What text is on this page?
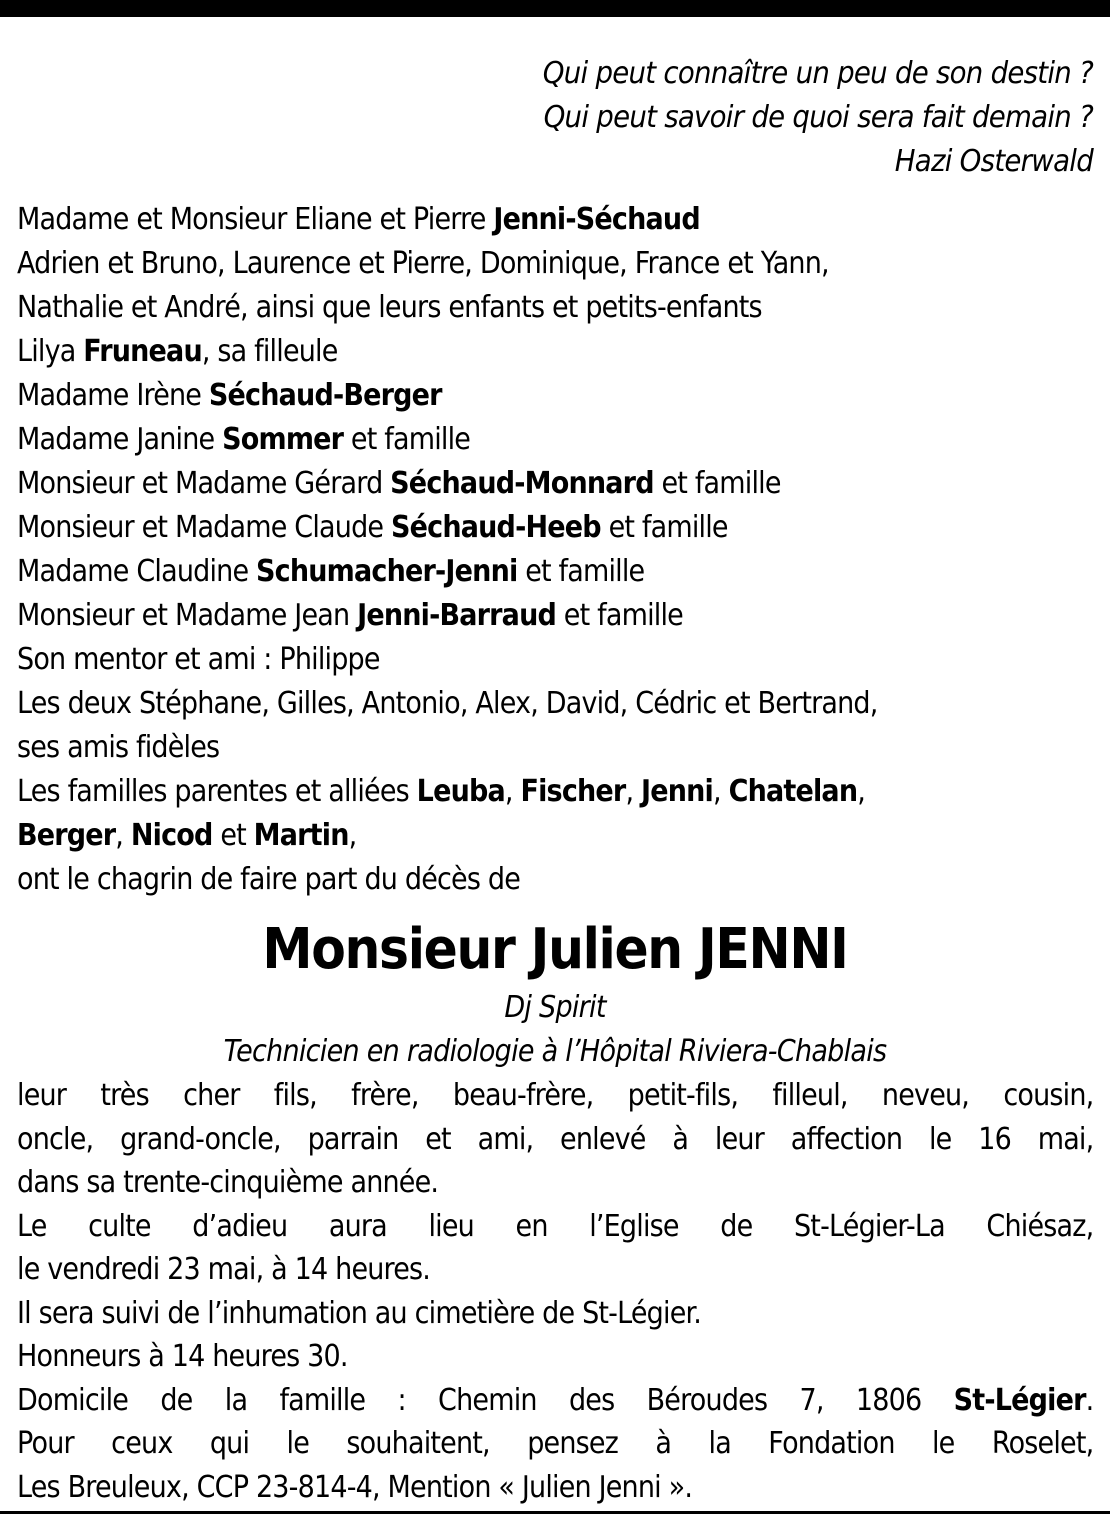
Qui peut connaître un peu de son destin ?
Qui peut savoir de quoi sera fait demain ?
Hazi Osterwald
Madame et Monsieur Eliane et Pierre Jenni-Séchaud
Adrien et Bruno, Laurence et Pierre, Dominique, France et Yann,
Nathalie et André, ainsi que leurs enfants et petits-enfants
Lilya Fruneau, sa filleule
Madame Irène Séchaud-Berger
Madame Janine Sommer et famille
Monsieur et Madame Gérard Séchaud-Monnard et famille
Monsieur et Madame Claude Séchaud-Heeb et famille
Madame Claudine Schumacher-Jenni et famille
Monsieur et Madame Jean Jenni-Barraud et famille
Son mentor et ami : Philippe
Les deux Stéphane, Gilles, Antonio, Alex, David, Cédric et Bertrand,
ses amis fidèles
Les familles parentes et alliées Leuba, Fischer, Jenni, Chatelan,
Berger, Nicod et Martin,
ont le chagrin de faire part du décès de
Monsieur Julien JENNI
Dj Spirit
Technicien en radiologie à l’Hôpital Riviera-Chablais
leur très cher fils, frère, beau-frère, petit-fils, filleul, neveu, cousin,
oncle, grand-oncle, parrain et ami, enlevé à leur affection le 16 mai,
dans sa trente-cinquième année.
Le culte d’adieu aura lieu en l’Eglise de St-Légier-La Chiésaz,
le vendredi 23 mai, à 14 heures.
Il sera suivi de l’inhumation au cimetière de St-Légier.
Honneurs à 14 heures 30.
Domicile de la famille : Chemin des Béroudes 7, 1806 St-Légier.
Pour ceux qui le souhaitent, pensez à la Fondation le Roselet,
Les Breuleux, CCP 23-814-4, Mention « Julien Jenni ».
